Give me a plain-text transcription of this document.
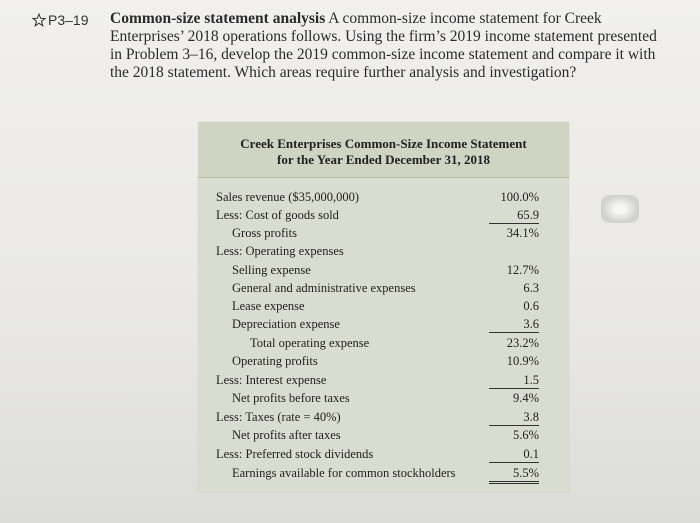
P3–19 Common-size statement analysis A common-size income statement for Creek Enterprises’ 2018 operations follows. Using the firm’s 2019 income statement presented in Problem 3–16, develop the 2019 common-size income statement and compare it with the 2018 statement. Which areas require further analysis and investigation?
Creek Enterprises Common-Size Income Statement
for the Year Ended December 31, 2018
Sales revenue ($35,000,000)	100.0%
Less: Cost of goods sold	65.9
Gross profits	34.1%
Less: Operating expenses
Selling expense	12.7%
General and administrative expenses	6.3
Lease expense	0.6
Depreciation expense	3.6
Total operating expense	23.2%
Operating profits	10.9%
Less: Interest expense	1.5
Net profits before taxes	9.4%
Less: Taxes (rate = 40%)	3.8
Net profits after taxes	5.6%
Less: Preferred stock dividends	0.1
Earnings available for common stockholders	5.5%
